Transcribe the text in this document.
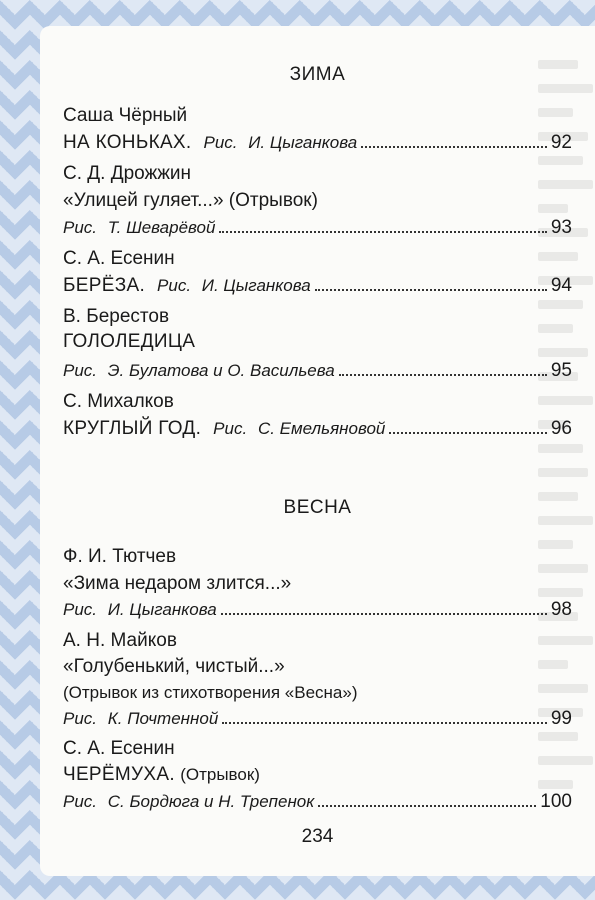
ЗИМА
Саша Чёрный
НА КОНЬКАХ. Рис. И. Цыганкова	92
С. Д. Дрожжин
«Улицей гуляет...» (Отрывок)
Рис. Т. Шеварёвой	93
С. А. Есенин
БЕРЁЗА. Рис. И. Цыганкова	94
В. Берестов
ГОЛОЛЕДИЦА
Рис. Э. Булатова и О. Васильева	95
С. Михалков
КРУГЛЫЙ ГОД. Рис. С. Емельяновой	96
ВЕСНА
Ф. И. Тютчев
«Зима недаром злится...»
Рис. И. Цыганкова	98
А. Н. Майков
«Голубенький, чистый...»
(Отрывок из стихотворения «Весна»)
Рис. К. Почтенной	99
С. А. Есенин
ЧЕРЁМУХА. (Отрывок)
Рис. С. Бордюга и Н. Трепенок	100
234
